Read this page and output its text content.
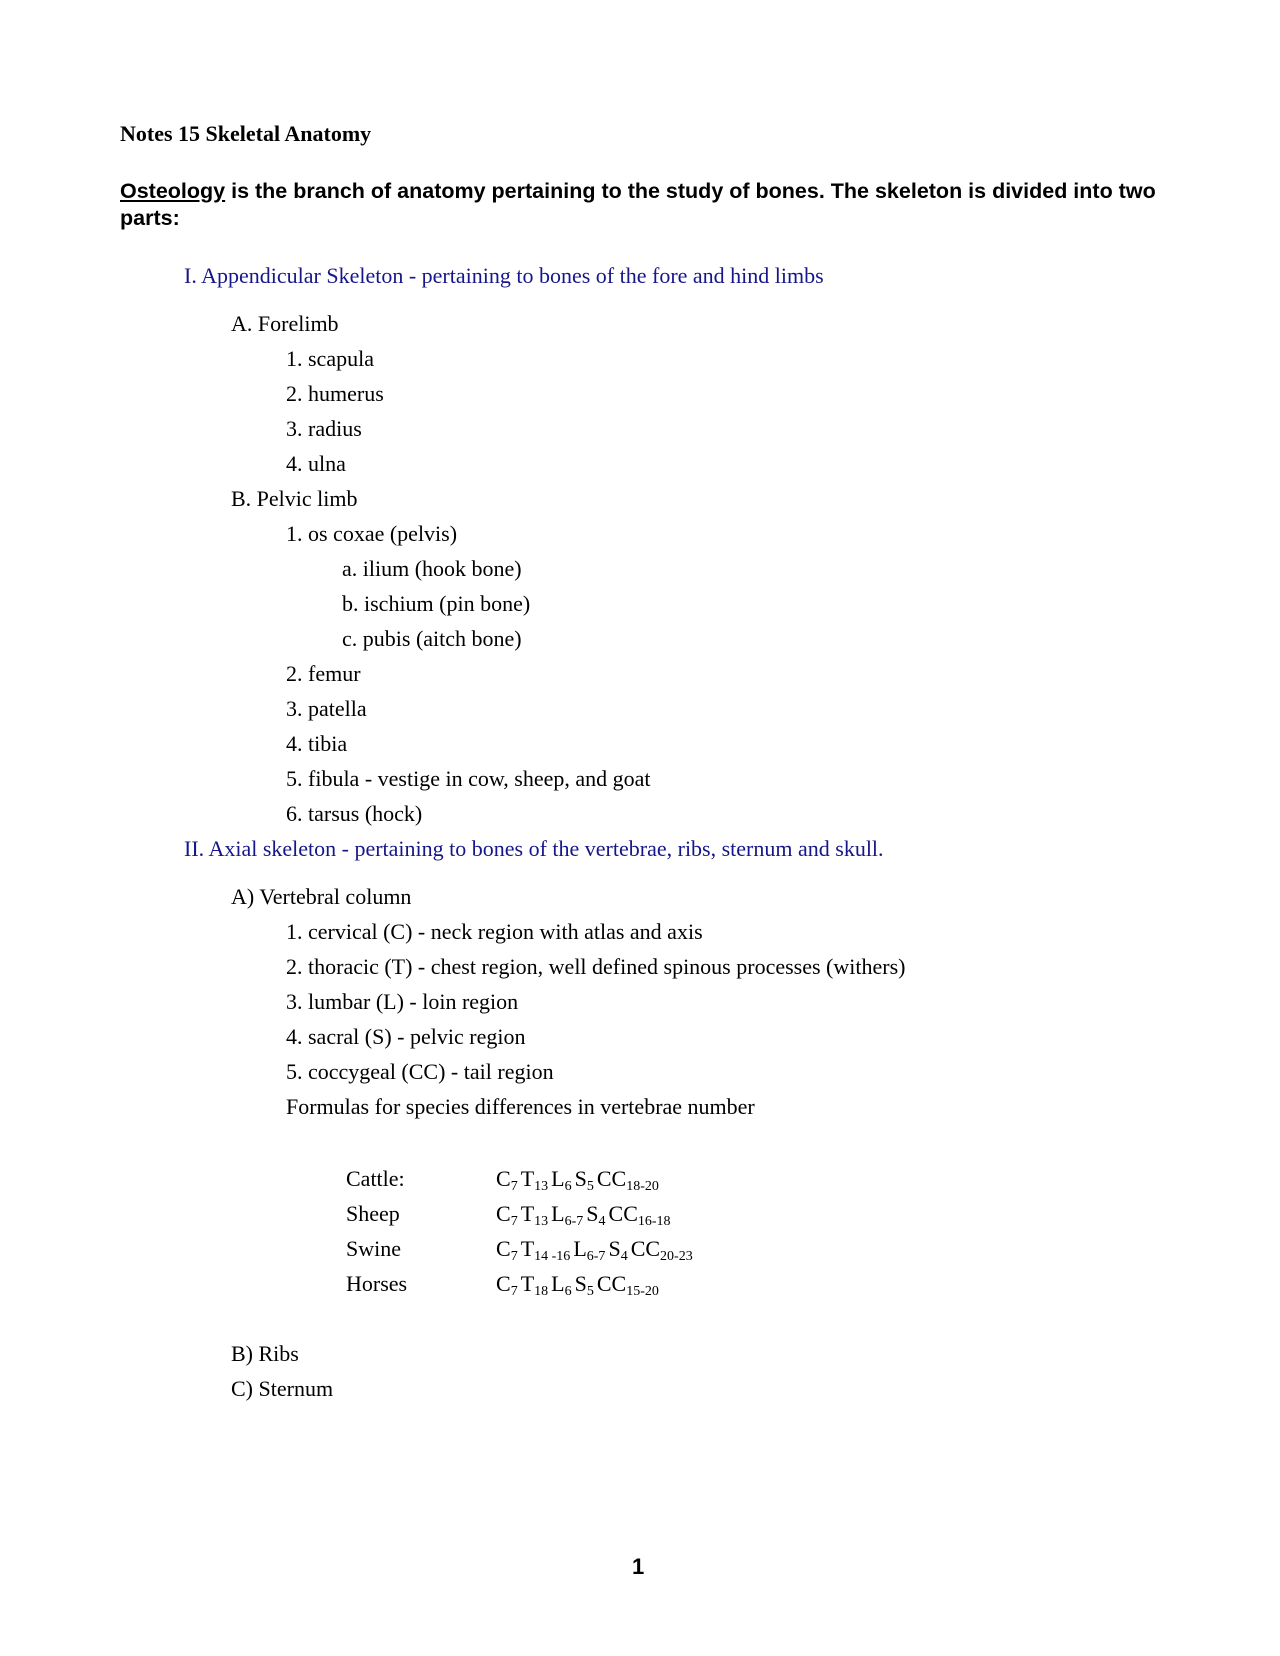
Notes 15 Skeletal Anatomy
Osteology is the branch of anatomy pertaining to the study of bones. The skeleton is divided into two parts:
I. Appendicular Skeleton - pertaining to bones of the fore and hind limbs
A. Forelimb
1. scapula
2. humerus
3. radius
4. ulna
B. Pelvic limb
1. os coxae (pelvis)
a. ilium (hook bone)
b. ischium (pin bone)
c. pubis (aitch bone)
2. femur
3. patella
4. tibia
5. fibula - vestige in cow, sheep, and goat
6. tarsus (hock)
II. Axial skeleton - pertaining to bones of the vertebrae, ribs, sternum and skull.
A) Vertebral column
1. cervical (C) - neck region with atlas and axis
2. thoracic (T) - chest region, well defined spinous processes (withers)
3. lumbar (L) - loin region
4. sacral (S) - pelvic region
5. coccygeal (CC) - tail region
Formulas for species differences in vertebrae number
Cattle:	$C_7$ $T_{13}$ $L_6$ $S_5$ $CC_{18-20}$
Sheep	$C_7$ $T_{13}$ $L_{6-7}$ $S_4$ $CC_{16-18}$
Swine	$C_7$ $T_{14 -16}$ $L_{6-7}$ $S_4$ $CC_{20-23}$
Horses	$C_7$ $T_{18}$ $L_6$ $S_5$ $CC_{15-20}$
B) Ribs
C) Sternum
1
